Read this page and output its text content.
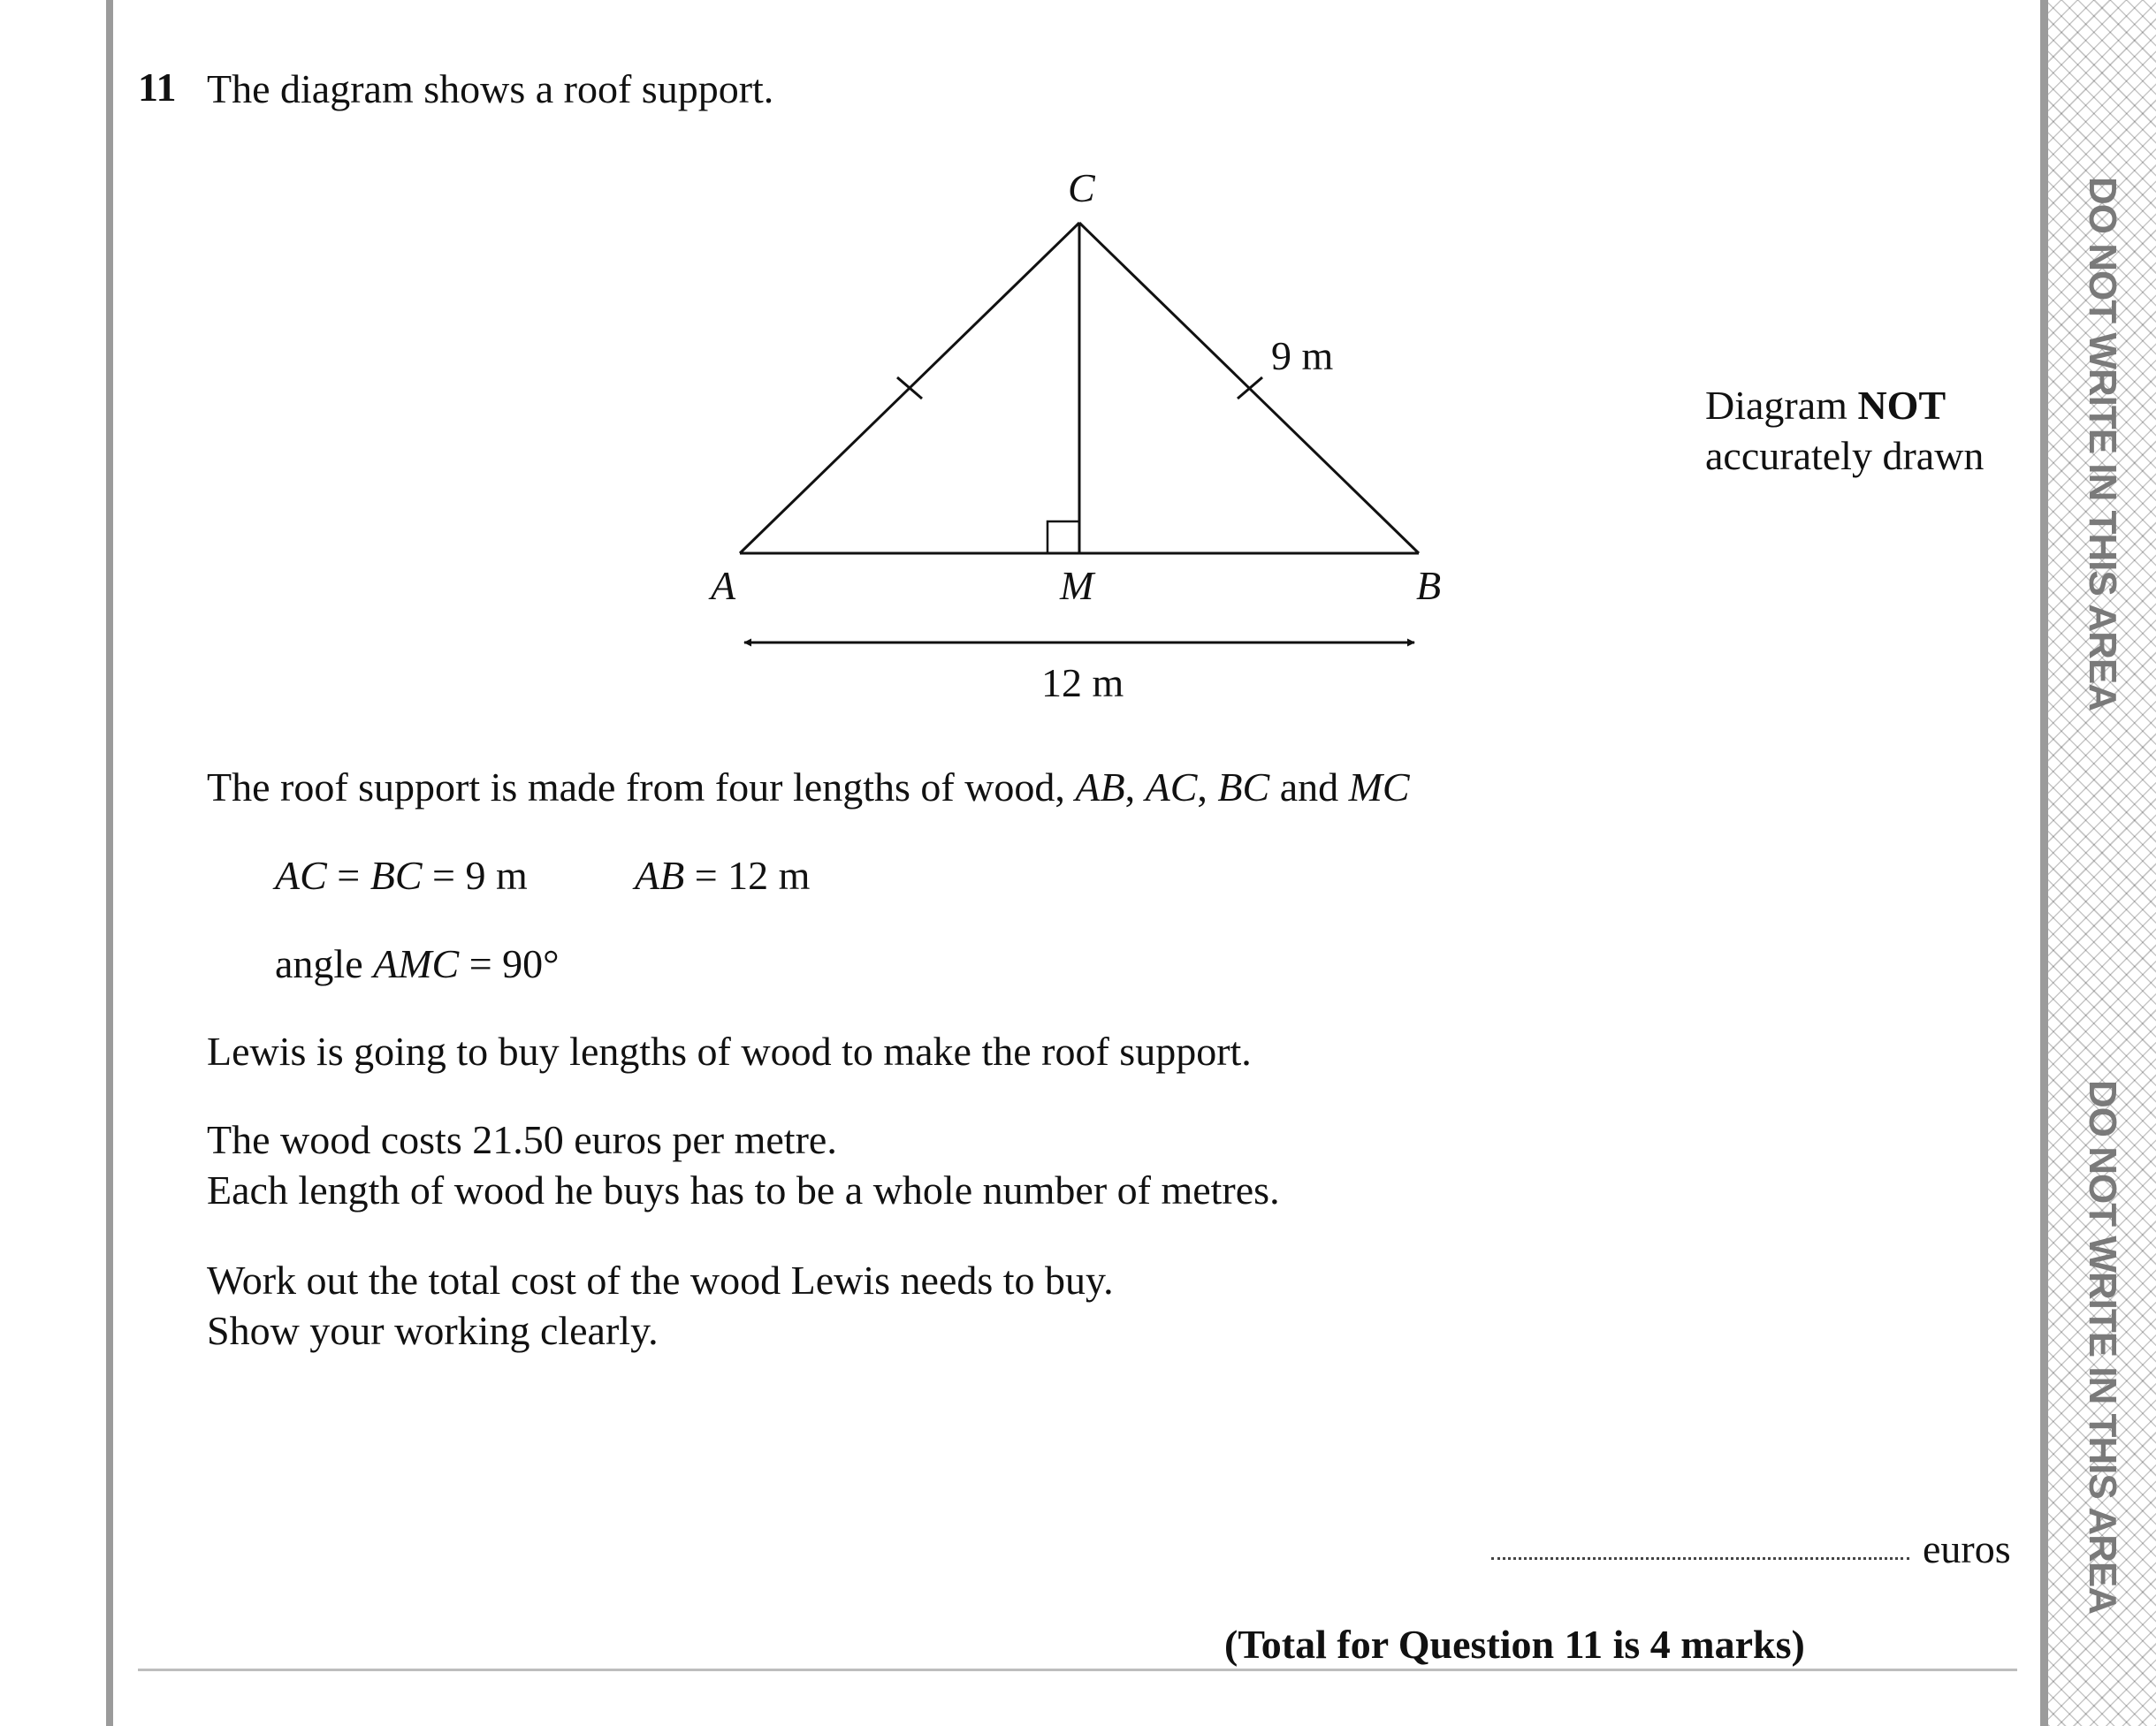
DO NOT WRITE IN THIS AREA
DO NOT WRITE IN THIS AREA
11 The diagram shows a roof support.
C
A	M	B
9 m
12 m
Diagram NOT
accurately drawn
The roof support is made from four lengths of wood, AB, AC, BC and MC
AC = BC = 9 m	AB = 12 m
angle AMC = 90°
Lewis is going to buy lengths of wood to make the roof support.
The wood costs 21.50 euros per metre.
Each length of wood he buys has to be a whole number of metres.
Work out the total cost of the wood Lewis needs to buy.
Show your working clearly.
euros
(Total for Question 11 is 4 marks)
